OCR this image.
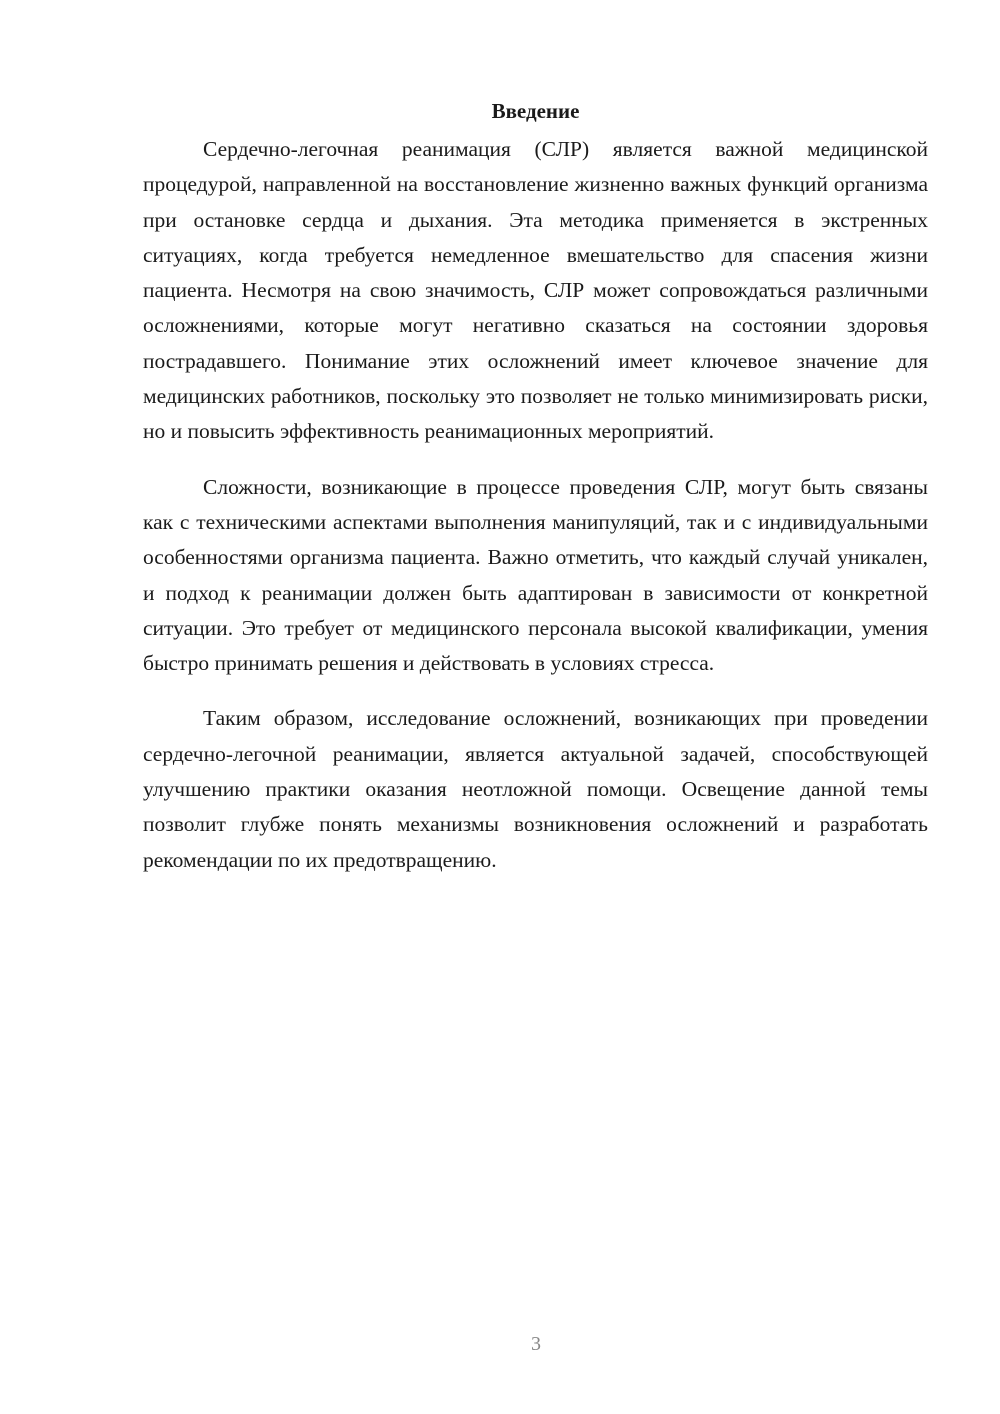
Введение

Сердечно-легочная реанимация (СЛР) является важной медицинской процедурой, направленной на восстановление жизненно важных функций организма при остановке сердца и дыхания. Эта методика применяется в экстренных ситуациях, когда требуется немедленное вмешательство для спасения жизни пациента. Несмотря на свою значимость, СЛР может сопровождаться различными осложнениями, которые могут негативно сказаться на состоянии здоровья пострадавшего. Понимание этих осложнений имеет ключевое значение для медицинских работников, поскольку это позволяет не только минимизировать риски, но и повысить эффективность реанимационных мероприятий.

Сложности, возникающие в процессе проведения СЛР, могут быть связаны как с техническими аспектами выполнения манипуляций, так и с индивидуальными особенностями организма пациента. Важно отметить, что каждый случай уникален, и подход к реанимации должен быть адаптирован в зависимости от конкретной ситуации. Это требует от медицинского персонала высокой квалификации, умения быстро принимать решения и действовать в условиях стресса.

Таким образом, исследование осложнений, возникающих при проведении сердечно-легочной реанимации, является актуальной задачей, способствующей улучшению практики оказания неотложной помощи. Освещение данной темы позволит глубже понять механизмы возникновения осложнений и разработать рекомендации по их предотвращению.

3
